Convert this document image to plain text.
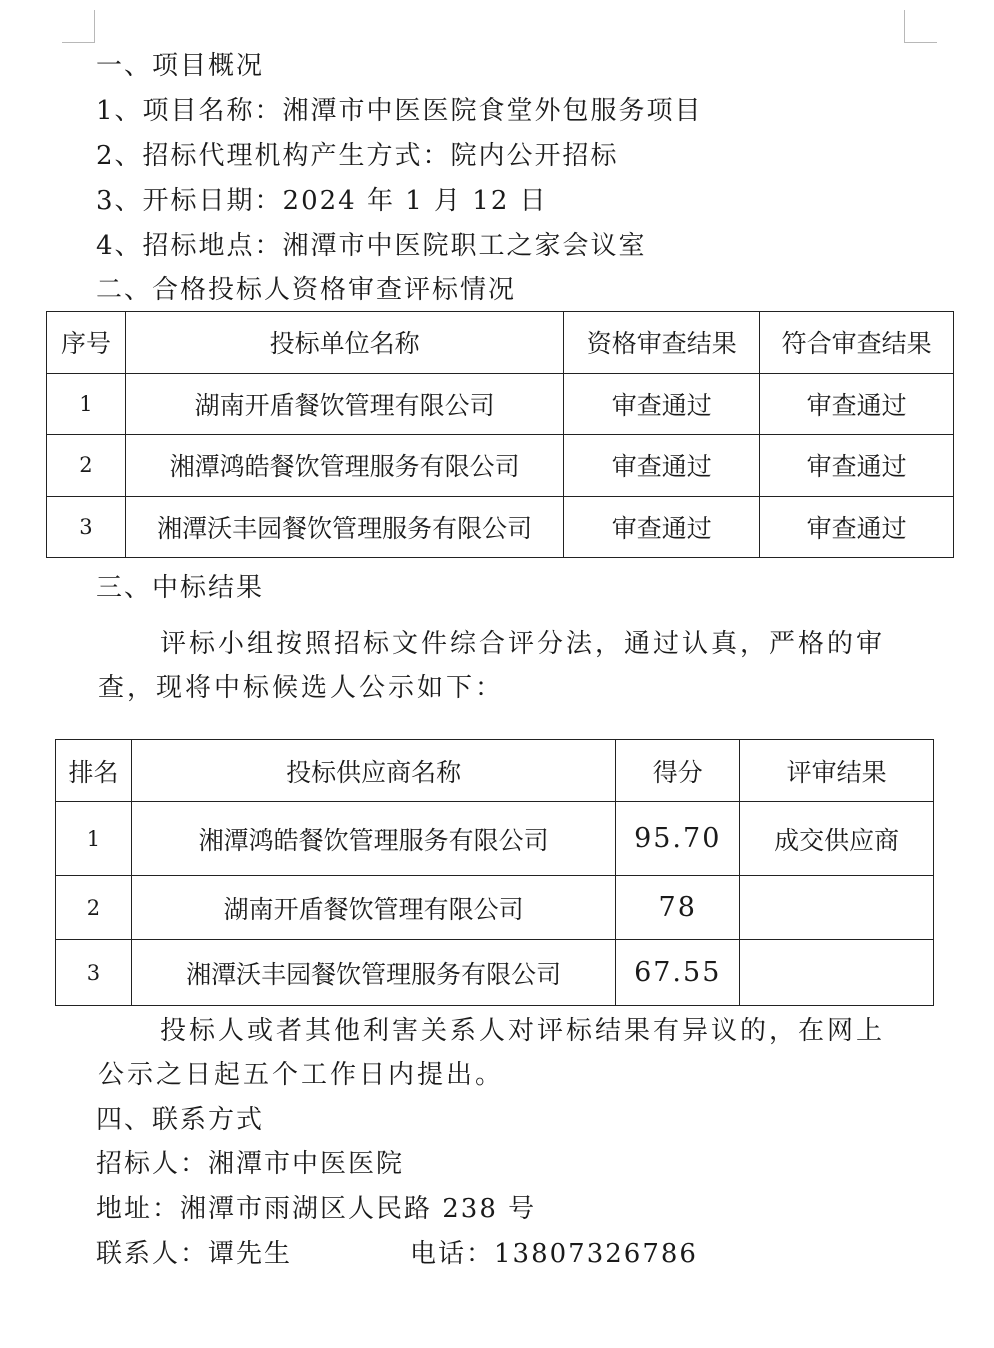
一、项目概况
1、项目名称：湘潭市中医医院食堂外包服务项目
2、招标代理机构产生方式：院内公开招标
3、开标日期：2024 年 1 月 12 日
4、招标地点：湘潭市中医院职工之家会议室
二、合格投标人资格审查评标情况
序号	投标单位名称	资格审查结果	符合审查结果
1	湖南开盾餐饮管理有限公司	审查通过	审查通过
2	湘潭鸿皓餐饮管理服务有限公司	审查通过	审查通过
3	湘潭沃丰园餐饮管理服务有限公司	审查通过	审查通过
三、中标结果
评标小组按照招标文件综合评分法，通过认真，严格的审查，现将中标候选人公示如下：
排名	投标供应商名称	得分	评审结果
1	湘潭鸿皓餐饮管理服务有限公司	95.70	成交供应商
2	湖南开盾餐饮管理有限公司	78	
3	湘潭沃丰园餐饮管理服务有限公司	67.55	
投标人或者其他利害关系人对评标结果有异议的，在网上公示之日起五个工作日内提出。
四、联系方式
招标人：湘潭市中医医院
地址：湘潭市雨湖区人民路 238 号
联系人：谭先生	电话：13807326786
